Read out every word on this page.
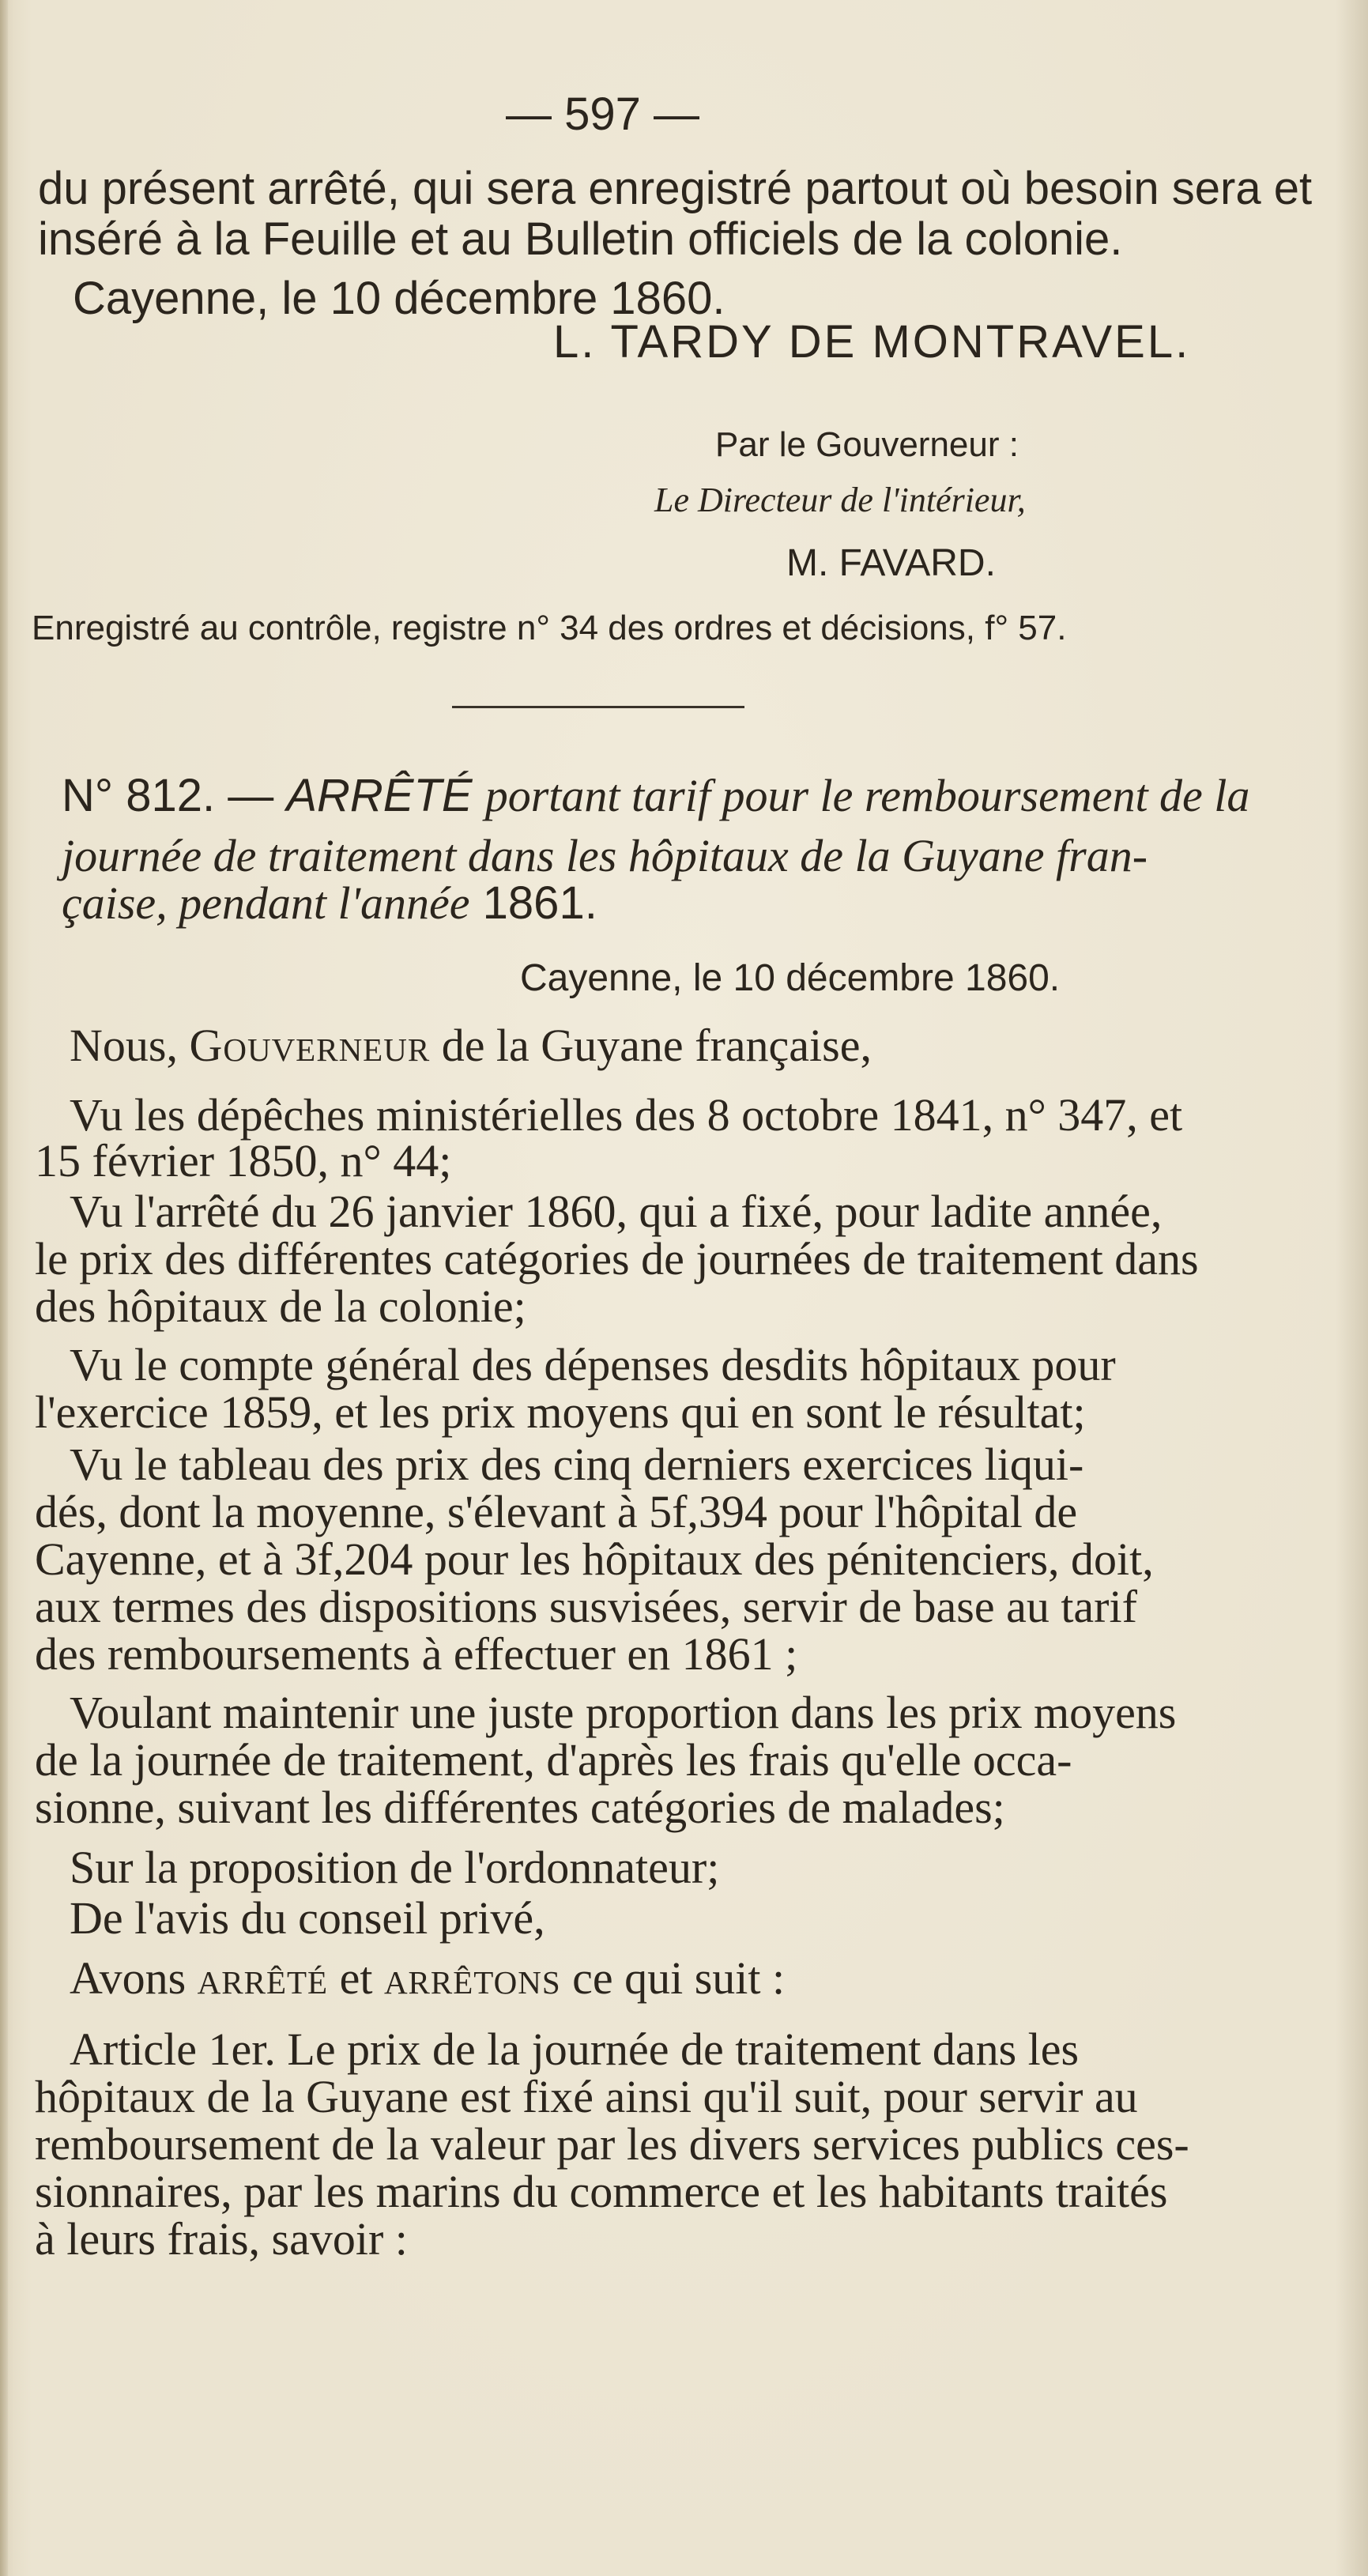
— 597 —
du présent arrêté, qui sera enregistré partout où besoin sera et
inséré à la Feuille et au Bulletin officiels de la colonie.
Cayenne, le 10 décembre 1860.
L. TARDY DE MONTRAVEL.
Par le Gouverneur :
Le Directeur de l'intérieur,
M. FAVARD.
Enregistré au contrôle, registre n° 34 des ordres et décisions, f° 57.
N° 812. — ARRÊTÉ portant tarif pour le remboursement de la
journée de traitement dans les hôpitaux de la Guyane fran-
çaise, pendant l'année 1861.
Cayenne, le 10 décembre 1860.
Nous, Gouverneur de la Guyane française,
Vu les dépêches ministérielles des 8 octobre 1841, n° 347, et
15 février 1850, n° 44;
Vu l'arrêté du 26 janvier 1860, qui a fixé, pour ladite année,
le prix des différentes catégories de journées de traitement dans
des hôpitaux de la colonie;
Vu le compte général des dépenses desdits hôpitaux pour
l'exercice 1859, et les prix moyens qui en sont le résultat;
Vu le tableau des prix des cinq derniers exercices liqui-
dés, dont la moyenne, s'élevant à 5f,394 pour l'hôpital de
Cayenne, et à 3f,204 pour les hôpitaux des pénitenciers, doit,
aux termes des dispositions susvisées, servir de base au tarif
des remboursements à effectuer en 1861 ;
Voulant maintenir une juste proportion dans les prix moyens
de la journée de traitement, d'après les frais qu'elle occa-
sionne, suivant les différentes catégories de malades;
Sur la proposition de l'ordonnateur;
De l'avis du conseil privé,
Avons arrêté et arrêtons ce qui suit :
Article 1er. Le prix de la journée de traitement dans les
hôpitaux de la Guyane est fixé ainsi qu'il suit, pour servir au
remboursement de la valeur par les divers services publics ces-
sionnaires, par les marins du commerce et les habitants traités
à leurs frais, savoir :
